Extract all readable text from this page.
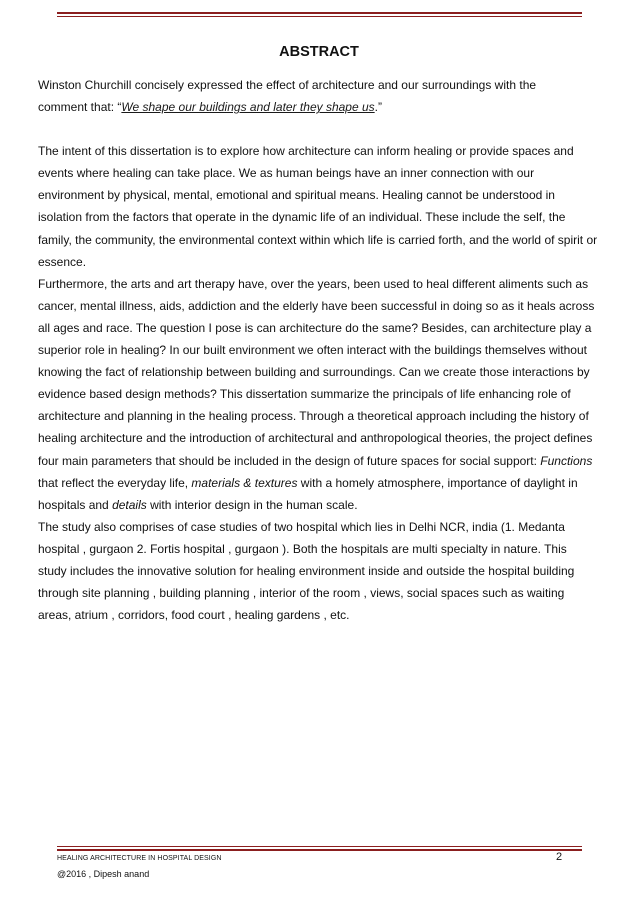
ABSTRACT

Winston Churchill concisely expressed the effect of architecture and our surroundings with the
comment that: “We shape our buildings and later they shape us.”

The intent of this dissertation is to explore how architecture can inform healing or provide spaces and events where healing can take place. We as human beings have an inner connection with our environment by physical, mental, emotional and spiritual means. Healing cannot be understood in isolation from the factors that operate in the dynamic life of an individual. These include the self, the family, the community, the environmental context within which life is carried forth, and the world of spirit or essence.

Furthermore, the arts and art therapy have, over the years, been used to heal different aliments such as cancer, mental illness, aids, addiction and the elderly have been successful in doing so as it heals across all ages and race. The question I pose is can architecture do the same? Besides, can architecture play a superior role in healing? In our built environment we often interact with the buildings themselves without knowing the fact of relationship between building and surroundings. Can we create those interactions by evidence based design methods? This dissertation summarize the principals of life enhancing role of architecture and planning in the healing process. Through a theoretical approach including the history of healing architecture and the introduction of architectural and anthropological theories, the project defines four main parameters that should be included in the design of future spaces for social support: Functions that reflect the everyday life, materials & textures with a homely atmosphere, importance of daylight in hospitals and details with interior design in the human scale.

The study also comprises of case studies of two hospital which lies in Delhi NCR, india (1. Medanta hospital , gurgaon 2. Fortis hospital , gurgaon ). Both the hospitals are multi specialty in nature. This study includes the innovative solution for healing environment inside and outside the hospital building through site planning , building planning , interior of the room , views, social spaces such as waiting areas, atrium , corridors, food court , healing gardens , etc.

HEALING ARCHITECTURE IN HOSPITAL DESIGN	2
@2016 , Dipesh anand
